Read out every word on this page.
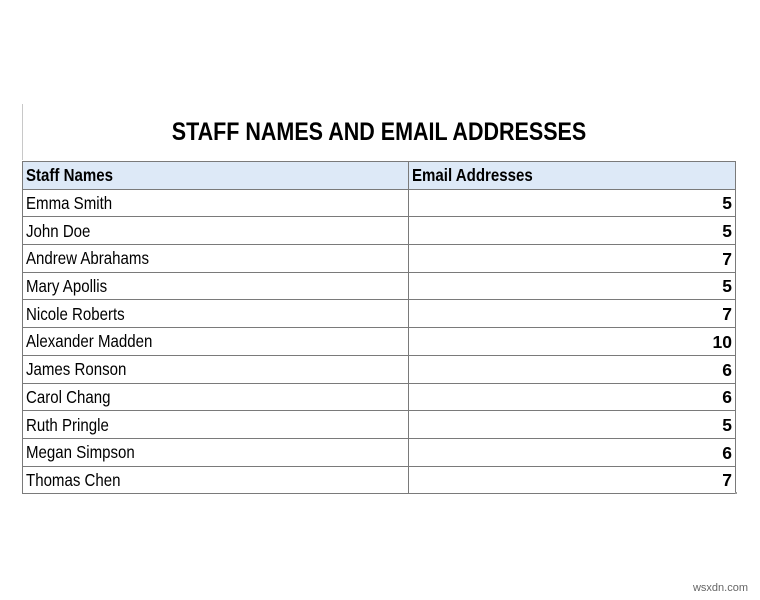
STAFF NAMES AND EMAIL ADDRESSES
Staff Names	Email Addresses
Emma Smith	5
John Doe	5
Andrew Abrahams	7
Mary Apollis	5
Nicole Roberts	7
Alexander Madden	10
James Ronson	6
Carol Chang	6
Ruth Pringle	5
Megan Simpson	6
Thomas Chen	7
wsxdn.com
